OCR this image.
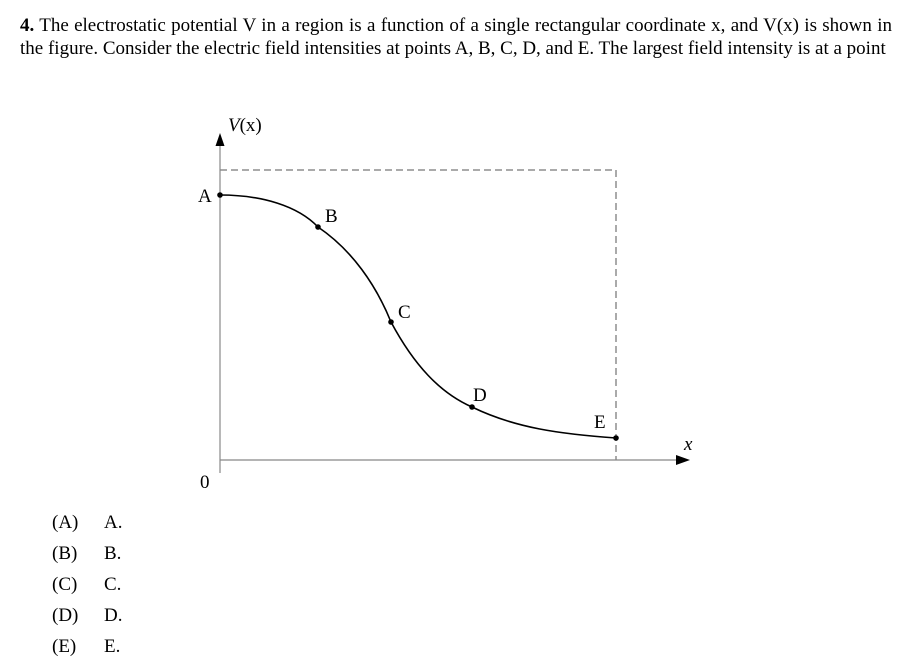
4. The electrostatic potential V in a region is a function of a single rectangular coordinate x, and V(x) is shown in the figure. Consider the electric field intensities at points A, B, C, D, and E. The largest field intensity is at a point
V(x)
x
0
A
B
C
D
E
(A) A.
(B) B.
(C) C.
(D) D.
(E) E.
